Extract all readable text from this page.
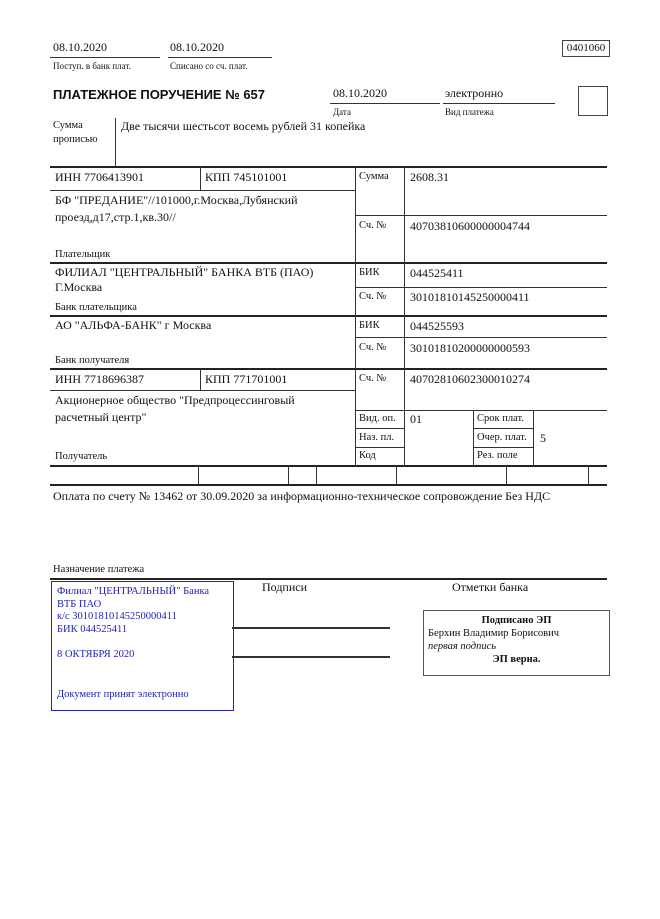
08.10.2020	08.10.2020
Поступ. в банк плат.	Списано со сч. плат.
0401060
ПЛАТЕЖНОЕ ПОРУЧЕНИЕ № 657	08.10.2020	электронно
Дата	Вид платежа
Сумма
прописью
Две тысячи шестьсот восемь рублей 31 копейка
ИНН 7706413901	КПП 745101001	Сумма 2608.31
БФ "ПРЕДАНИЕ"//101000,г.Москва,Лубянский
проезд,д17,стр.1,кв.30//
Сч. № 40703810600000004744
Плательщик
ФИЛИАЛ "ЦЕНТРАЛЬНЫЙ" БАНКА ВТБ (ПАО)
Г.Москва
БИК	044525411
Сч. № 30101810145250000411
Банк плательщика
АО "АЛЬФА-БАНК" г Москва	БИК	044525593
Сч. № 30101810200000000593
Банк получателя
ИНН 7718696387	КПП 771701001	Сч. № 40702810602300010274
Акционерное общество "Предпроцессинговый
расчетный центр"	Вид. оп. 01	Срок плат.
Наз. пл.	Очер. плат. 5
Код	Рез. поле
Получатель
Оплата по счету № 13462 от 30.09.2020 за информационно-техническое сопровождение Без НДС
Назначение платежа
Филиал "ЦЕНТРАЛЬНЫЙ" Банка
ВТБ ПАО
к/с 30101810145250000411
БИК 044525411
8 ОКТЯБРЯ 2020
Документ принят электронно
Подписи	Отметки банка
Подписано ЭП
Берхин Владимир Борисович
первая подпись
ЭП верна.
